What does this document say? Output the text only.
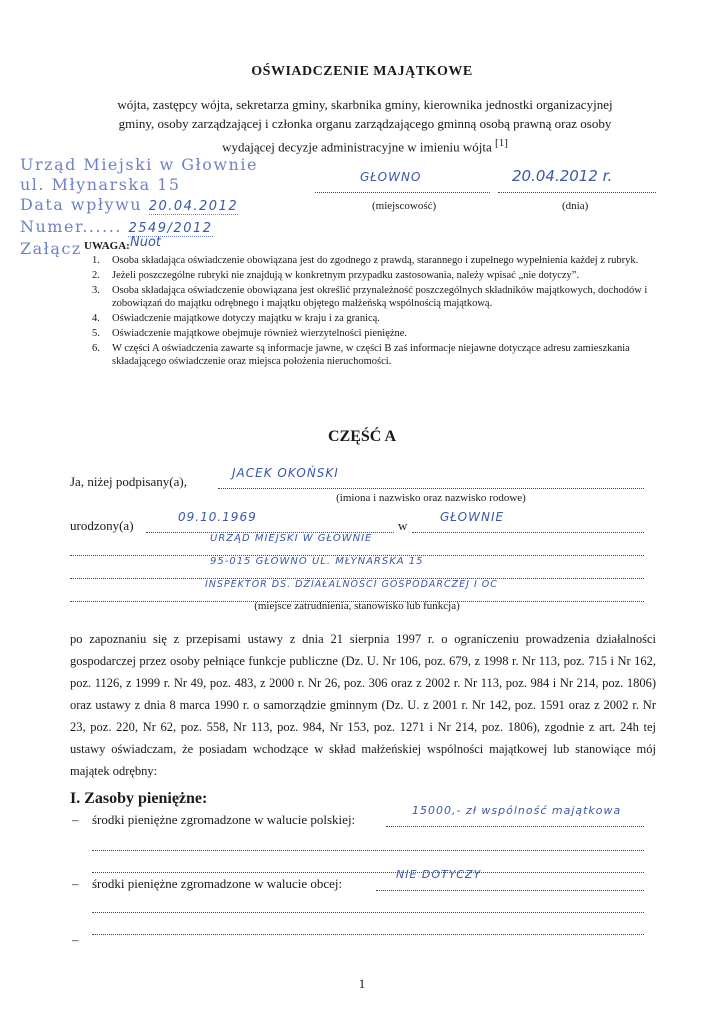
OŚWIADCZENIE MAJĄTKOWE
wójta, zastępcy wójta, sekretarza gminy, skarbnika gminy, kierownika jednostki organizacyjnej
gminy, osoby zarządzającej i członka organu zarządzającego gminną osobą prawną oraz osoby
wydającej decyzje administracyjne w imieniu wójta [1]
Urząd Miejski w Głownie
ul. Młynarska 15
Data wpływu 20.04.2012
Numer...... 2549/2012
Załącz	Nuot
GŁOWNO
(miejscowość)
20.04.2012 r.
(dnia)
UWAGA:
1. Osoba składająca oświadczenie obowiązana jest do zgodnego z prawdą, starannego i zupełnego wypełnienia każdej z rubryk.
2. Jeżeli poszczególne rubryki nie znajdują w konkretnym przypadku zastosowania, należy wpisać „nie dotyczy”.
3. Osoba składająca oświadczenie obowiązana jest określić przynależność poszczególnych składników majątkowych, dochodów i zobowiązań do majątku odrębnego i majątku objętego małżeńską wspólnością majątkową.
4. Oświadczenie majątkowe dotyczy majątku w kraju i za granicą.
5. Oświadczenie majątkowe obejmuje również wierzytelności pieniężne.
6. W części A oświadczenia zawarte są informacje jawne, w części B zaś informacje niejawne dotyczące adresu zamieszkania składającego oświadczenie oraz miejsca położenia nieruchomości.
CZĘŚĆ A
Ja, niżej podpisany(a),
JACEK OKOŃSKI
(imiona i nazwisko oraz nazwisko rodowe)
urodzony(a)
09.10.1969
w
GŁOWNIE
URZĄD MIEJSKI W GŁOWNIE
95-015 GŁOWNO UL. MŁYNARSKA 15
INSPEKTOR DS. DZIAŁALNOŚCI GOSPODARCZEJ I OC
(miejsce zatrudnienia, stanowisko lub funkcja)
po zapoznaniu się z przepisami ustawy z dnia 21 sierpnia 1997 r. o ograniczeniu prowadzenia działalności gospodarczej przez osoby pełniące funkcje publiczne (Dz. U. Nr 106, poz. 679, z 1998 r. Nr 113, poz. 715 i Nr 162, poz. 1126, z 1999 r. Nr 49, poz. 483, z 2000 r. Nr 26, poz. 306 oraz z 2002 r. Nr 113, poz. 984 i Nr 214, poz. 1806) oraz ustawy z dnia 8 marca 1990 r. o samorządzie gminnym (Dz. U. z 2001 r. Nr 142, poz. 1591 oraz z 2002 r. Nr 23, poz. 220, Nr 62, poz. 558, Nr 113, poz. 984, Nr 153, poz. 1271 i Nr 214, poz. 1806), zgodnie z art. 24h tej ustawy oświadczam, że posiadam wchodzące w skład małżeńskiej wspólności majątkowej lub stanowiące mój majątek odrębny:
I. Zasoby pieniężne:
– środki pieniężne zgromadzone w walucie polskiej:
15000,- zł wspólność majątkowa
– środki pieniężne zgromadzone w walucie obcej:
NIE DOTYCZY
–
1
